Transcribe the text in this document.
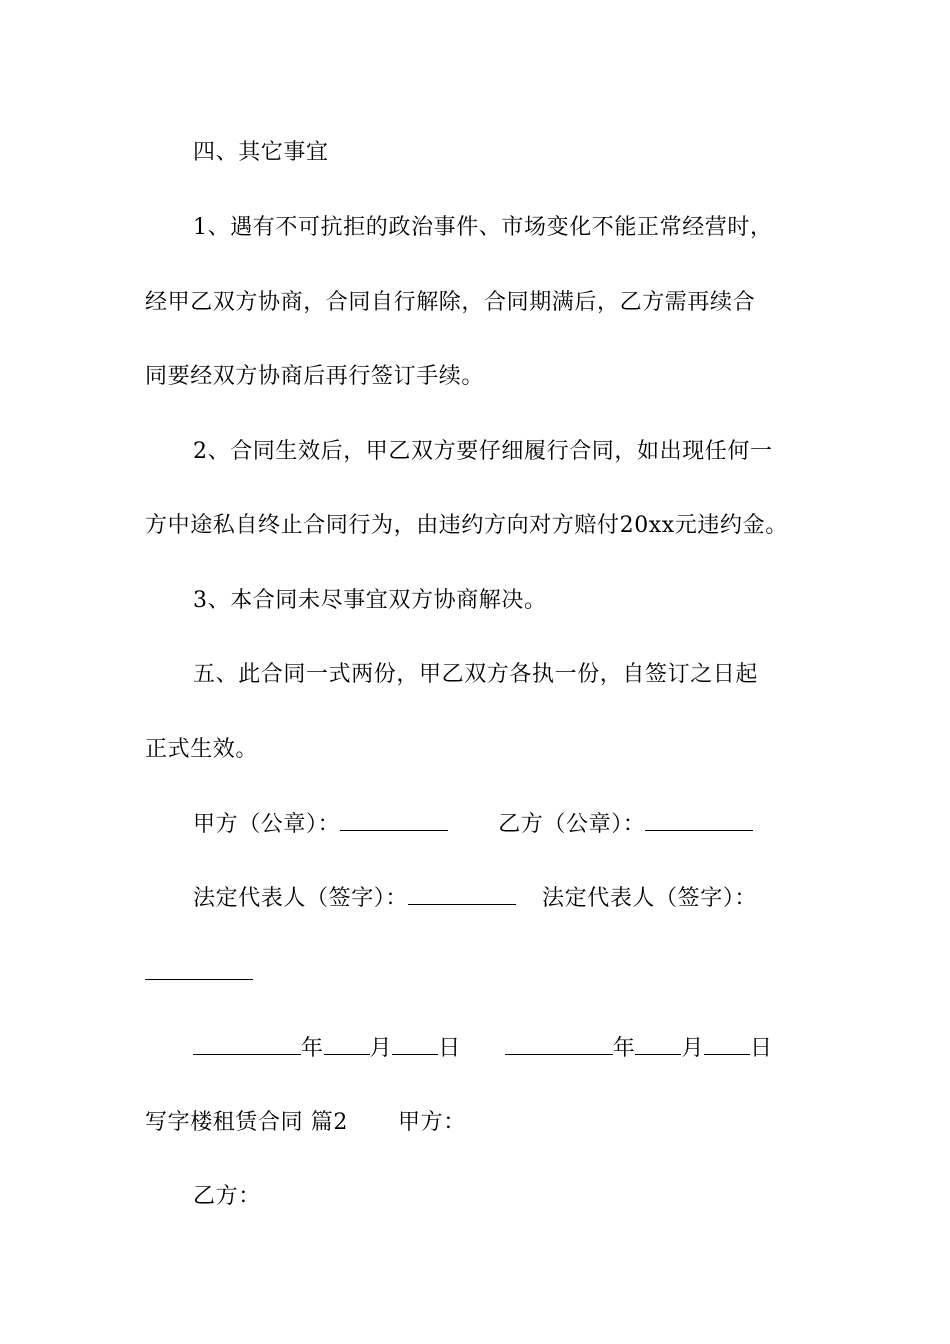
四、其它事宜
1、遇有不可抗拒的政治事件、市场变化不能正常经营时，
经甲乙双方协商，合同自行解除，合同期满后，乙方需再续合
同要经双方协商后再行签订手续。
2、合同生效后，甲乙双方要仔细履行合同，如出现任何一
方中途私自终止合同行为，由违约方向对方赔付20xx元违约金。
3、本合同未尽事宜双方协商解决。
五、此合同一式两份，甲乙双方各执一份，自签订之日起
正式生效。
甲方（公章）：	乙方（公章）：
法定代表人（签字）：	法定代表人（签字）：
年 月 日	年 月 日
写字楼租赁合同 篇2 甲方：
乙方：
